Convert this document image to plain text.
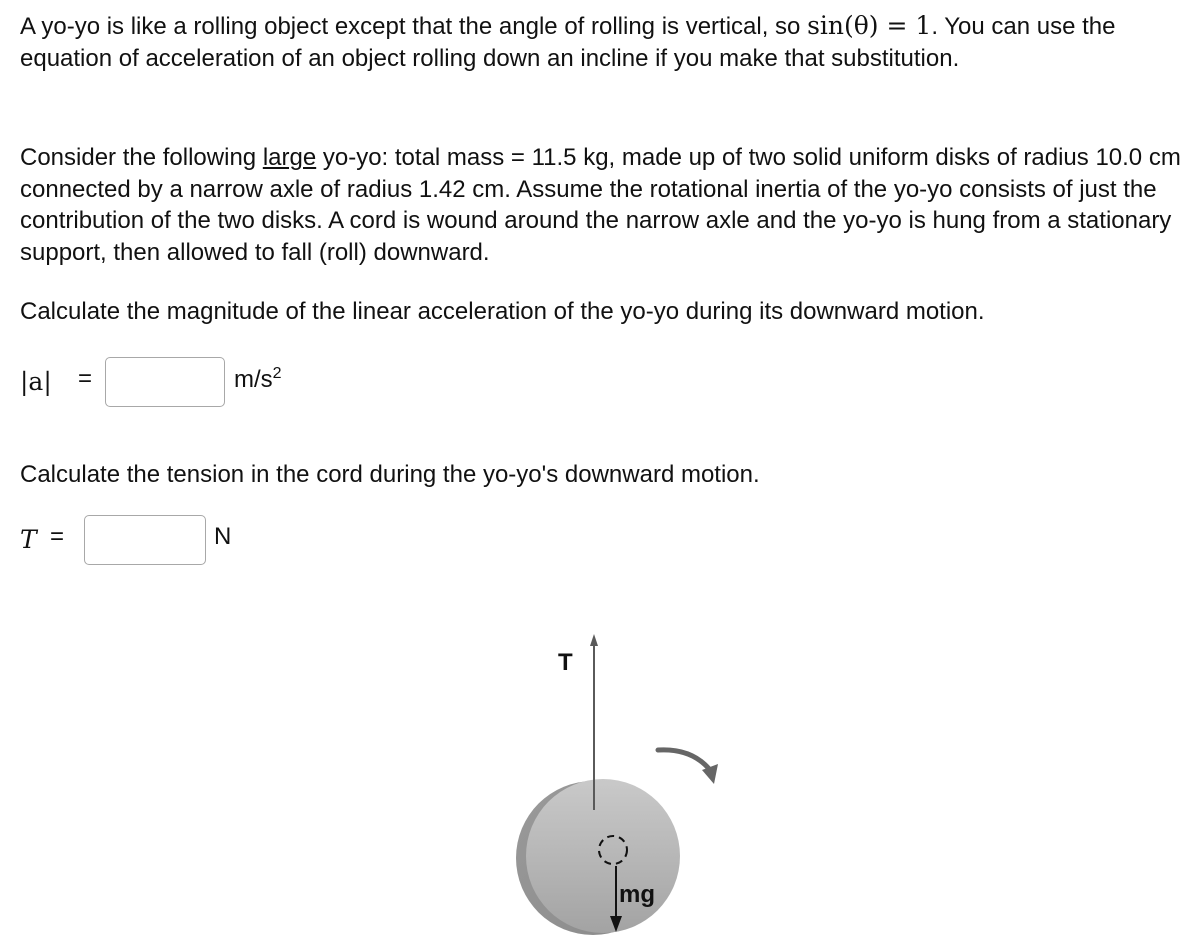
A yo-yo is like a rolling object except that the angle of rolling is vertical, so sin(θ) = 1. You can use the equation of acceleration of an object rolling down an incline if you make that substitution.

Consider the following large yo-yo: total mass = 11.5 kg, made up of two solid uniform disks of radius 10.0 cm connected by a narrow axle of radius 1.42 cm. Assume the rotational inertia of the yo-yo consists of just the contribution of the two disks. A cord is wound around the narrow axle and the yo-yo is hung from a stationary support, then allowed to fall (roll) downward.

Calculate the magnitude of the linear acceleration of the yo-yo during its downward motion.

|a| =	$m/s^2$

Calculate the tension in the cord during the yo-yo's downward motion.

T =	N
T
mg
